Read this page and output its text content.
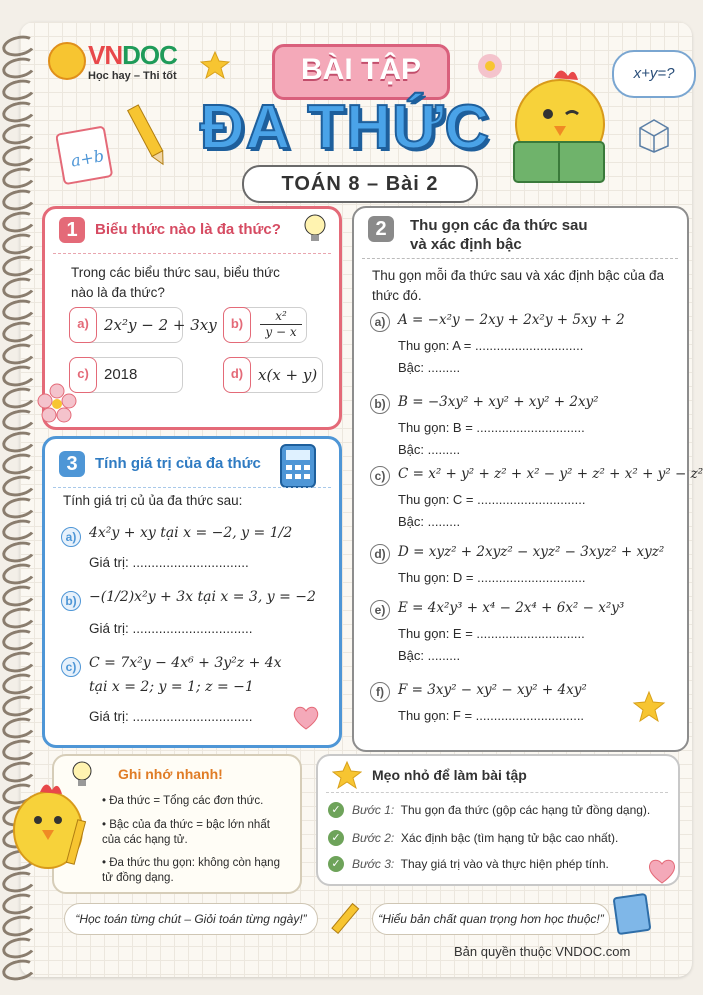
VNDOC
Học hay – Thi tốt
a+b
BÀI TẬP
ĐA THỨC
TOÁN 8 – Bài 2
x+y=?
1	Biểu thức nào là đa thức?
Trong các biểu thức sau, biểu thức nào là đa thức?
a)	2x²y − 2 + 3xy	b)	$\frac{\text{x²}}{y - x}$
c)	2018	d) x(x + y)
2	Thu gọn các đa thức sau và xác định bậc
Thu gọn mỗi đa thức sau và xác định bậc của đa thức đó.
a) A = −x²y − 2xy + 2x²y + 5xy + 2
Thu gọn: A = ..............................
Bậc: .........
b) B = −3xy² + xy² + xy² + 2xy²
Thu gọn: B = ..............................
Bậc: .........
c) C = x² + y² + z² + x² − y² + z² + x² + y² − z²
Thu gọn: C = ..............................
Bậc: .........
d) D = xyz² + 2xyz² − xyz² − 3xyz² + xyz²
Thu gọn: D = ..............................
e) E = 4x²y³ + x⁴ − 2x⁴ + 6x² − x²y³
Thu gọn: E = ..............................
Bậc: .........
f)	F = 3xy² − xy² − xy² + 4xy²
Thu gọn: F = ..............................
3	Tính giá trị của đa thức
Tính giá trị củ ủa đa thức sau:
a) 4x²y + xy tại x = −2, y = 1/2
Giá trị: ...............................
b) −(1/2)x²y + 3x tại x = 3, y = −2
Giá trị: ................................
c) C = 7x²y − 4x⁶ + 3y²z + 4x
tại x = 2; y = 1; z = −1
Giá trị: ................................
Ghi nhớ nhanh!
• Đa thức = Tổng các đơn thức.
• Bậc của đa thức = bậc lớn nhất của các hạng tử.
• Đa thức thu gọn: không còn hạng tử đồng dạng.
Mẹo nhỏ để làm bài tập
✓ Bước 1: Thu gọn đa thức (gộp các hạng tử đồng dạng).
✓ Bước 2: Xác định bậc (tìm hạng tử bậc cao nhất).
✓ Bước 3: Thay giá trị vào và thực hiện phép tính.
“Học toán từng chút – Giỏi toán từng ngày!”	“Hiểu bản chất quan trọng hơn học thuộc!”
Bản quyền thuộc VNDOC.com
